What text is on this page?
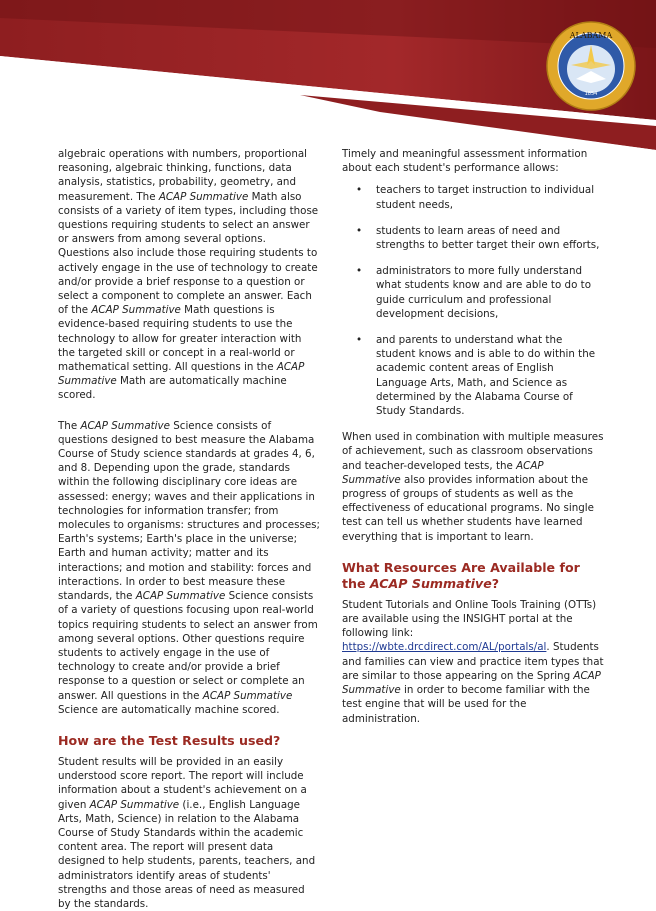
ALABAMA
1854

algebraic operations with numbers, proportional reasoning, algebraic thinking, functions, data analysis, statistics, probability, geometry, and measurement. The ACAP Summative Math also consists of a variety of item types, including those questions requiring students to select an answer or answers from among several options. Questions also include those requiring students to actively engage in the use of technology to create and/or provide a brief response to a question or select a component to complete an answer. Each of the ACAP Summative Math questions is evidence-based requiring students to use the technology to allow for greater interaction with the targeted skill or concept in a real-world or mathematical setting. All questions in the ACAP Summative Math are automatically machine scored.

The ACAP Summative Science consists of questions designed to best measure the Alabama Course of Study science standards at grades 4, 6, and 8. Depending upon the grade, standards within the following disciplinary core ideas are assessed: energy; waves and their applications in technologies for information transfer; from molecules to organisms: structures and processes; Earth's systems; Earth's place in the universe; Earth and human activity; matter and its interactions; and motion and stability: forces and interactions. In order to best measure these standards, the ACAP Summative Science consists of a variety of questions focusing upon real-world topics requiring students to select an answer from among several options. Other questions require students to actively engage in the use of technology to create and/or provide a brief response to a question or select or complete an answer. All questions in the ACAP Summative Science are automatically machine scored.

How are the Test Results used?

Student results will be provided in an easily understood score report. The report will include information about a student's achievement on a given ACAP Summative (i.e., English Language Arts, Math, Science) in relation to the Alabama Course of Study Standards within the academic content area. The report will present data designed to help students, parents, teachers, and administrators identify areas of students' strengths and those areas of need as measured by the standards.

Timely and meaningful assessment information about each student's performance allows:

• teachers to target instruction to individual student needs,
• students to learn areas of need and strengths to better target their own efforts,
• administrators to more fully understand what students know and are able to do to guide curriculum and professional development decisions,
• and parents to understand what the student knows and is able to do within the academic content areas of English Language Arts, Math, and Science as determined by the Alabama Course of Study Standards.

When used in combination with multiple measures of achievement, such as classroom observations and teacher-developed tests, the ACAP Summative also provides information about the progress of groups of students as well as the effectiveness of educational programs. No single test can tell us whether students have learned everything that is important to learn.

What Resources Are Available for the ACAP Summative?

Student Tutorials and Online Tools Training (OTTs) are available using the INSIGHT portal at the following link: https://wbte.drcdirect.com/AL/portals/al. Students and families can view and practice item types that are similar to those appearing on the Spring ACAP Summative in order to become familiar with the test engine that will be used for the administration.
